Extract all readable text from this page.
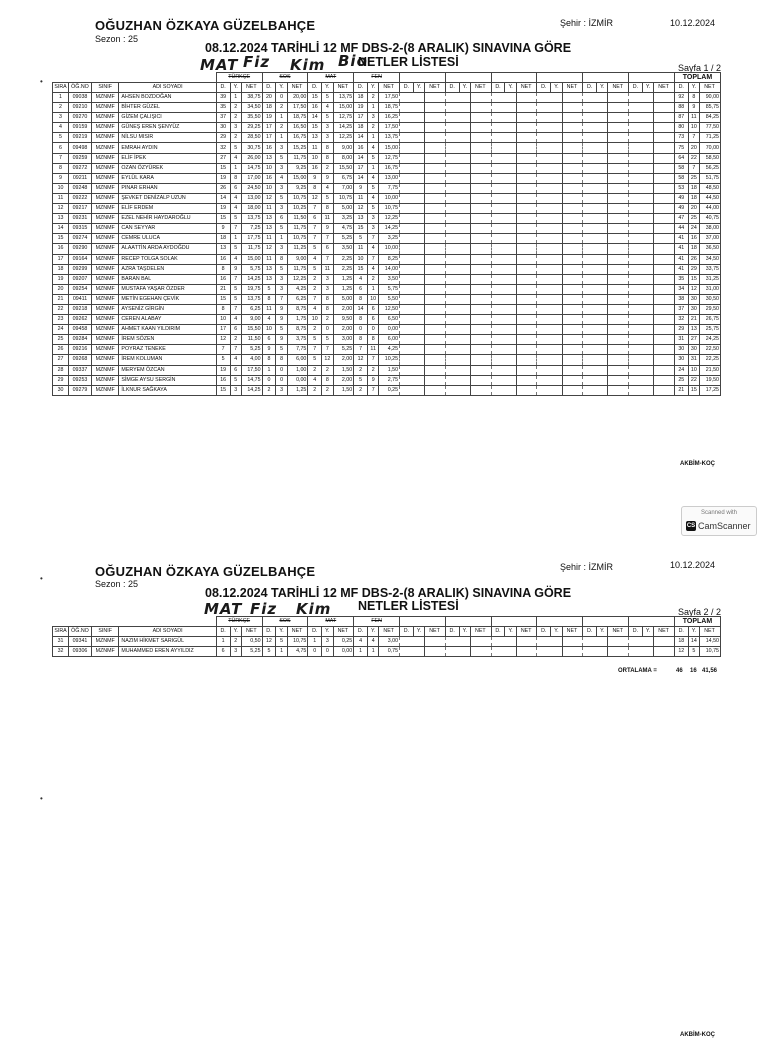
OĞUZHAN ÖZKAYA GÜZELBAHÇE
Sezon : 25
Şehir : İZMİR	10.12.2024
08.12.2024 TARİHLİ 12 MF DBS-2-(8 ARALIK) SINAVINA GÖRE
MAT Fiz Kim Bio
NETLER LİSTESİ	Sayfa 1 / 2
•
				TÜRKÇE			SOS			MAT			FEN																					TOPLAM		
SIRA	ÖĞ.NO	SINIF	ADI SOYADI	D.	Y.	NET	D.	Y.	NET	D.	Y.	NET	D.	Y.	NET	D.	Y.	NET	D.	Y.	NET	D.	Y.	NET	D.	Y.	NET	D.	Y.	NET	D.	Y.	NET	D.	Y.	NET
1	09038	MZNMF	AHSEN BOZDOĞAN	39	1	38,75	20	0	20,00	15	5	13,75	18	2	17,50																			92	8	90,00
2	09210	MZNMF	BİHTER GÜZEL	35	2	34,50	18	2	17,50	16	4	15,00	19	1	18,75																			88	9	85,75
3	09270	MZNMF	GİZEM ÇALIŞICI	37	2	35,50	19	1	18,75	14	5	12,75	17	3	16,25																			87	11	84,25
4	09159	MZNMF	GÜNEŞ EREN ŞENYÜZ	30	3	29,25	17	2	16,50	15	3	14,25	18	2	17,50																			80	10	77,50
5	09219	MZNMF	NİLSU MISIR	29	2	28,50	17	1	16,75	13	3	12,25	14	1	13,75																			73	7	71,25
6	09498	MZNMF	EMRAH AYDIN	32	5	30,75	16	3	15,25	11	8	9,00	16	4	15,00																			75	20	70,00
7	09259	MZNMF	ELİF İPEK	27	4	26,00	13	5	11,75	10	8	8,00	14	5	12,75																			64	22	58,50
8	09272	MZNMF	OZAN ÖZYÜREK	15	1	14,75	10	3	9,25	16	2	15,50	17	1	16,75																			58	7	56,25
9	09211	MZNMF	EYLÜL KARA	19	8	17,00	16	4	15,00	9	9	6,75	14	4	13,00																			58	25	51,75
10	09248	MZNMF	PINAR ERHAN	26	6	24,50	10	3	9,25	8	4	7,00	9	5	7,75																			53	18	48,50
11	09222	MZNMF	ŞEVKET DENİZALP UZUN	14	4	13,00	12	5	10,75	12	5	10,75	11	4	10,00																			49	18	44,50
12	09217	MZNMF	ELİF ERDEM	19	4	18,00	11	3	10,25	7	8	5,00	12	5	10,75																			49	20	44,00
13	09231	MZNMF	EZEL NEHİR HAYDAROĞLU	15	5	13,75	13	6	11,50	6	11	3,25	13	3	12,25																			47	25	40,75
14	09315	MZNMF	CAN SEYYAR	9	7	7,25	13	5	11,75	7	9	4,75	15	3	14,25																			44	24	38,00
15	09274	MZNMF	CEMRE ULUCA	18	1	17,75	11	1	10,75	7	7	5,25	5	7	3,25																			41	16	37,00
16	09290	MZNMF	ALAATTİN ARDA AYDOĞDU	13	5	11,75	12	3	11,25	5	6	3,50	11	4	10,00																			41	18	36,50
17	09164	MZNMF	RECEP TOLGA SOLAK	16	4	15,00	11	8	9,00	4	7	2,25	10	7	8,25																			41	26	34,50
18	09299	MZNMF	AZRA TAŞDELEN	8	9	5,75	13	5	11,75	5	11	2,25	15	4	14,00																			41	29	33,75
19	09207	MZNMF	BARAN BAL	16	7	14,25	13	3	12,25	2	3	1,25	4	2	3,50																			35	15	31,25
20	09254	MZNMF	MUSTAFA YAŞAR ÖZDER	21	5	19,75	5	3	4,25	2	3	1,25	6	1	5,75																			34	12	31,00
21	09411	MZNMF	METİN EGEHAN ÇEVİK	15	5	13,75	8	7	6,25	7	8	5,00	8	10	5,50																			38	30	30,50
22	09218	MZNMF	AYSENİZ GİRGİN	8	7	6,25	11	9	8,75	4	8	2,00	14	6	12,50																			37	30	29,50
23	09262	MZNMF	CEREN ALABAY	10	4	9,00	4	9	1,75	10	2	9,50	8	6	6,50																			32	21	26,75
24	09458	MZNMF	AHMET KAAN YILDIRIM	17	6	15,50	10	5	8,75	2	0	2,00	0	0	0,00																			29	13	25,75
25	09284	MZNMF	İREM SÖZEN	12	2	11,50	6	9	3,75	5	5	3,00	8	8	6,00																			31	27	24,25
26	09216	MZNMF	POYRAZ TENEKE	7	7	5,25	9	5	7,75	7	7	5,25	7	11	4,25																			30	30	22,50
27	09268	MZNMF	İREM KOLUMAN	5	4	4,00	8	8	6,00	5	12	2,00	12	7	10,25																			30	31	22,25
28	09337	MZNMF	MERYEM ÖZCAN	19	6	17,50	1	0	1,00	2	2	1,50	2	2	1,50																			24	10	21,50
29	09253	MZNMF	SİMGE AYSU SERGİN	16	5	14,75	0	0	0,00	4	8	2,00	5	9	2,75																			25	22	19,50
30	09279	MZNMF	İLKNUR SAĞKAYA	15	3	14,25	2	3	1,25	2	2	1,50	2	7	0,25																			21	15	17,25
AKBİM-KOÇ
Scanned with
CS CamScanner
OĞUZHAN ÖZKAYA GÜZELBAHÇE
Sezon : 25
Şehir : İZMİR	10.12.2024
08.12.2024 TARİHLİ 12 MF DBS-2-(8 ARALIK) SINAVINA GÖRE
MAT Fiz Kim NETLER LİSTESİ	Sayfa 2 / 2
•
•
				TÜRKÇE			SOS			MAT			FEN																					TOPLAM		
SIRA	ÖĞ.NO	SINIF	ADI SOYADI	D.	Y.	NET	D.	Y.	NET	D.	Y.	NET	D.	Y.	NET	D.	Y.	NET	D.	Y.	NET	D.	Y.	NET	D.	Y.	NET	D.	Y.	NET	D.	Y.	NET	D.	Y.	NET
31	09341	MZNMF	NAZIM HİKMET SARIGÜL	1	2	0,50	12	5	10,75	1	3	0,25	4	4	3,00																			18	14	14,50
32	09306	MZNMF	MUHAMMED EREN AYYILDIZ	6	3	5,25	5	1	4,75	0	0	0,00	1	1	0,75																			12	5	10,75
ORTALAMA =	46 16 41,56
AKBİM-KOÇ
